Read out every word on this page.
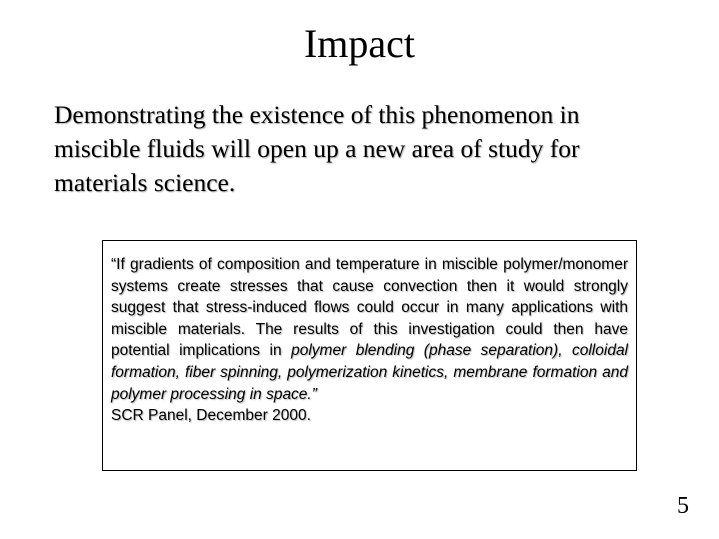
Impact
Demonstrating the existence of this phenomenon in miscible fluids will open up a new area of study for materials science.
“If gradients of composition and temperature in miscible polymer/monomer systems create stresses that cause convection then it would strongly suggest that stress-induced flows could occur in many applications with miscible materials. The results of this investigation could then have potential implications in polymer blending (phase separation), colloidal formation, fiber spinning, polymerization kinetics, membrane formation and polymer processing in space.”
SCR Panel, December 2000.
5
